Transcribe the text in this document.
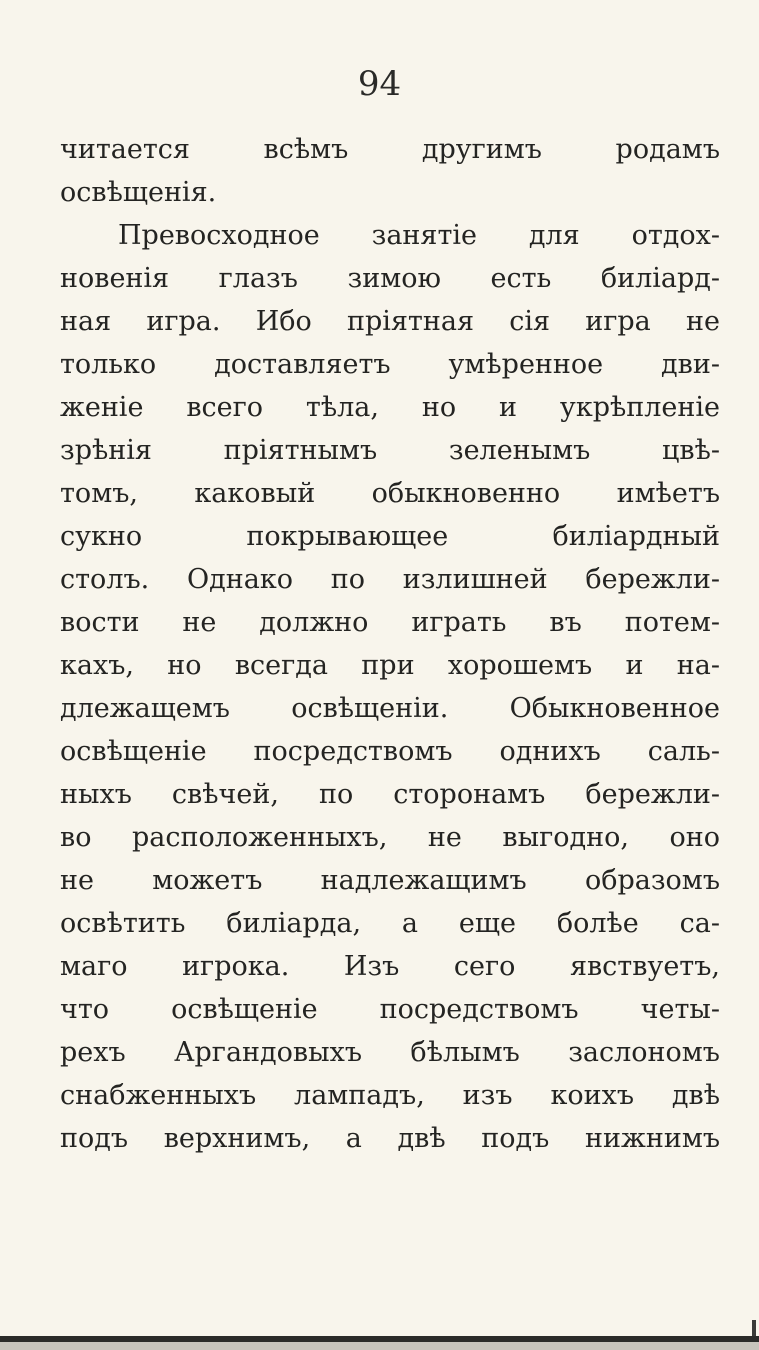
94
читается всѣмъ другимъ родамъ
освѣщенія.
Превосходное занятіе для отдох-
новенія глазъ зимою есть биліард-
ная игра. Ибо пріятная сія игра не
только доставляетъ умѣренное дви-
женіе всего тѣла, но и укрѣпленіе
зрѣнія пріятнымъ зеленымъ цвѣ-
томъ, каковый обыкновенно имѣетъ
сукно покрывающее биліардный
столъ. Однако по излишней бережли-
вости не должно играть въ потем-
кахъ, но всегда при хорошемъ и на-
длежащемъ освѣщеніи. Обыкновенное
освѣщеніе посредствомъ однихъ саль-
ныхъ свѣчей, по сторонамъ бережли-
во расположенныхъ, не выгодно, оно
не можетъ надлежащимъ образомъ
освѣтить биліарда, а еще болѣе са-
маго игрока. Изъ сего явствуетъ,
что освѣщеніе посредствомъ четы-
рехъ Аргандовыхъ бѣлымъ заслономъ
снабженныхъ лампадъ, изъ коихъ двѣ
подъ верхнимъ, а двѣ подъ нижнимъ
